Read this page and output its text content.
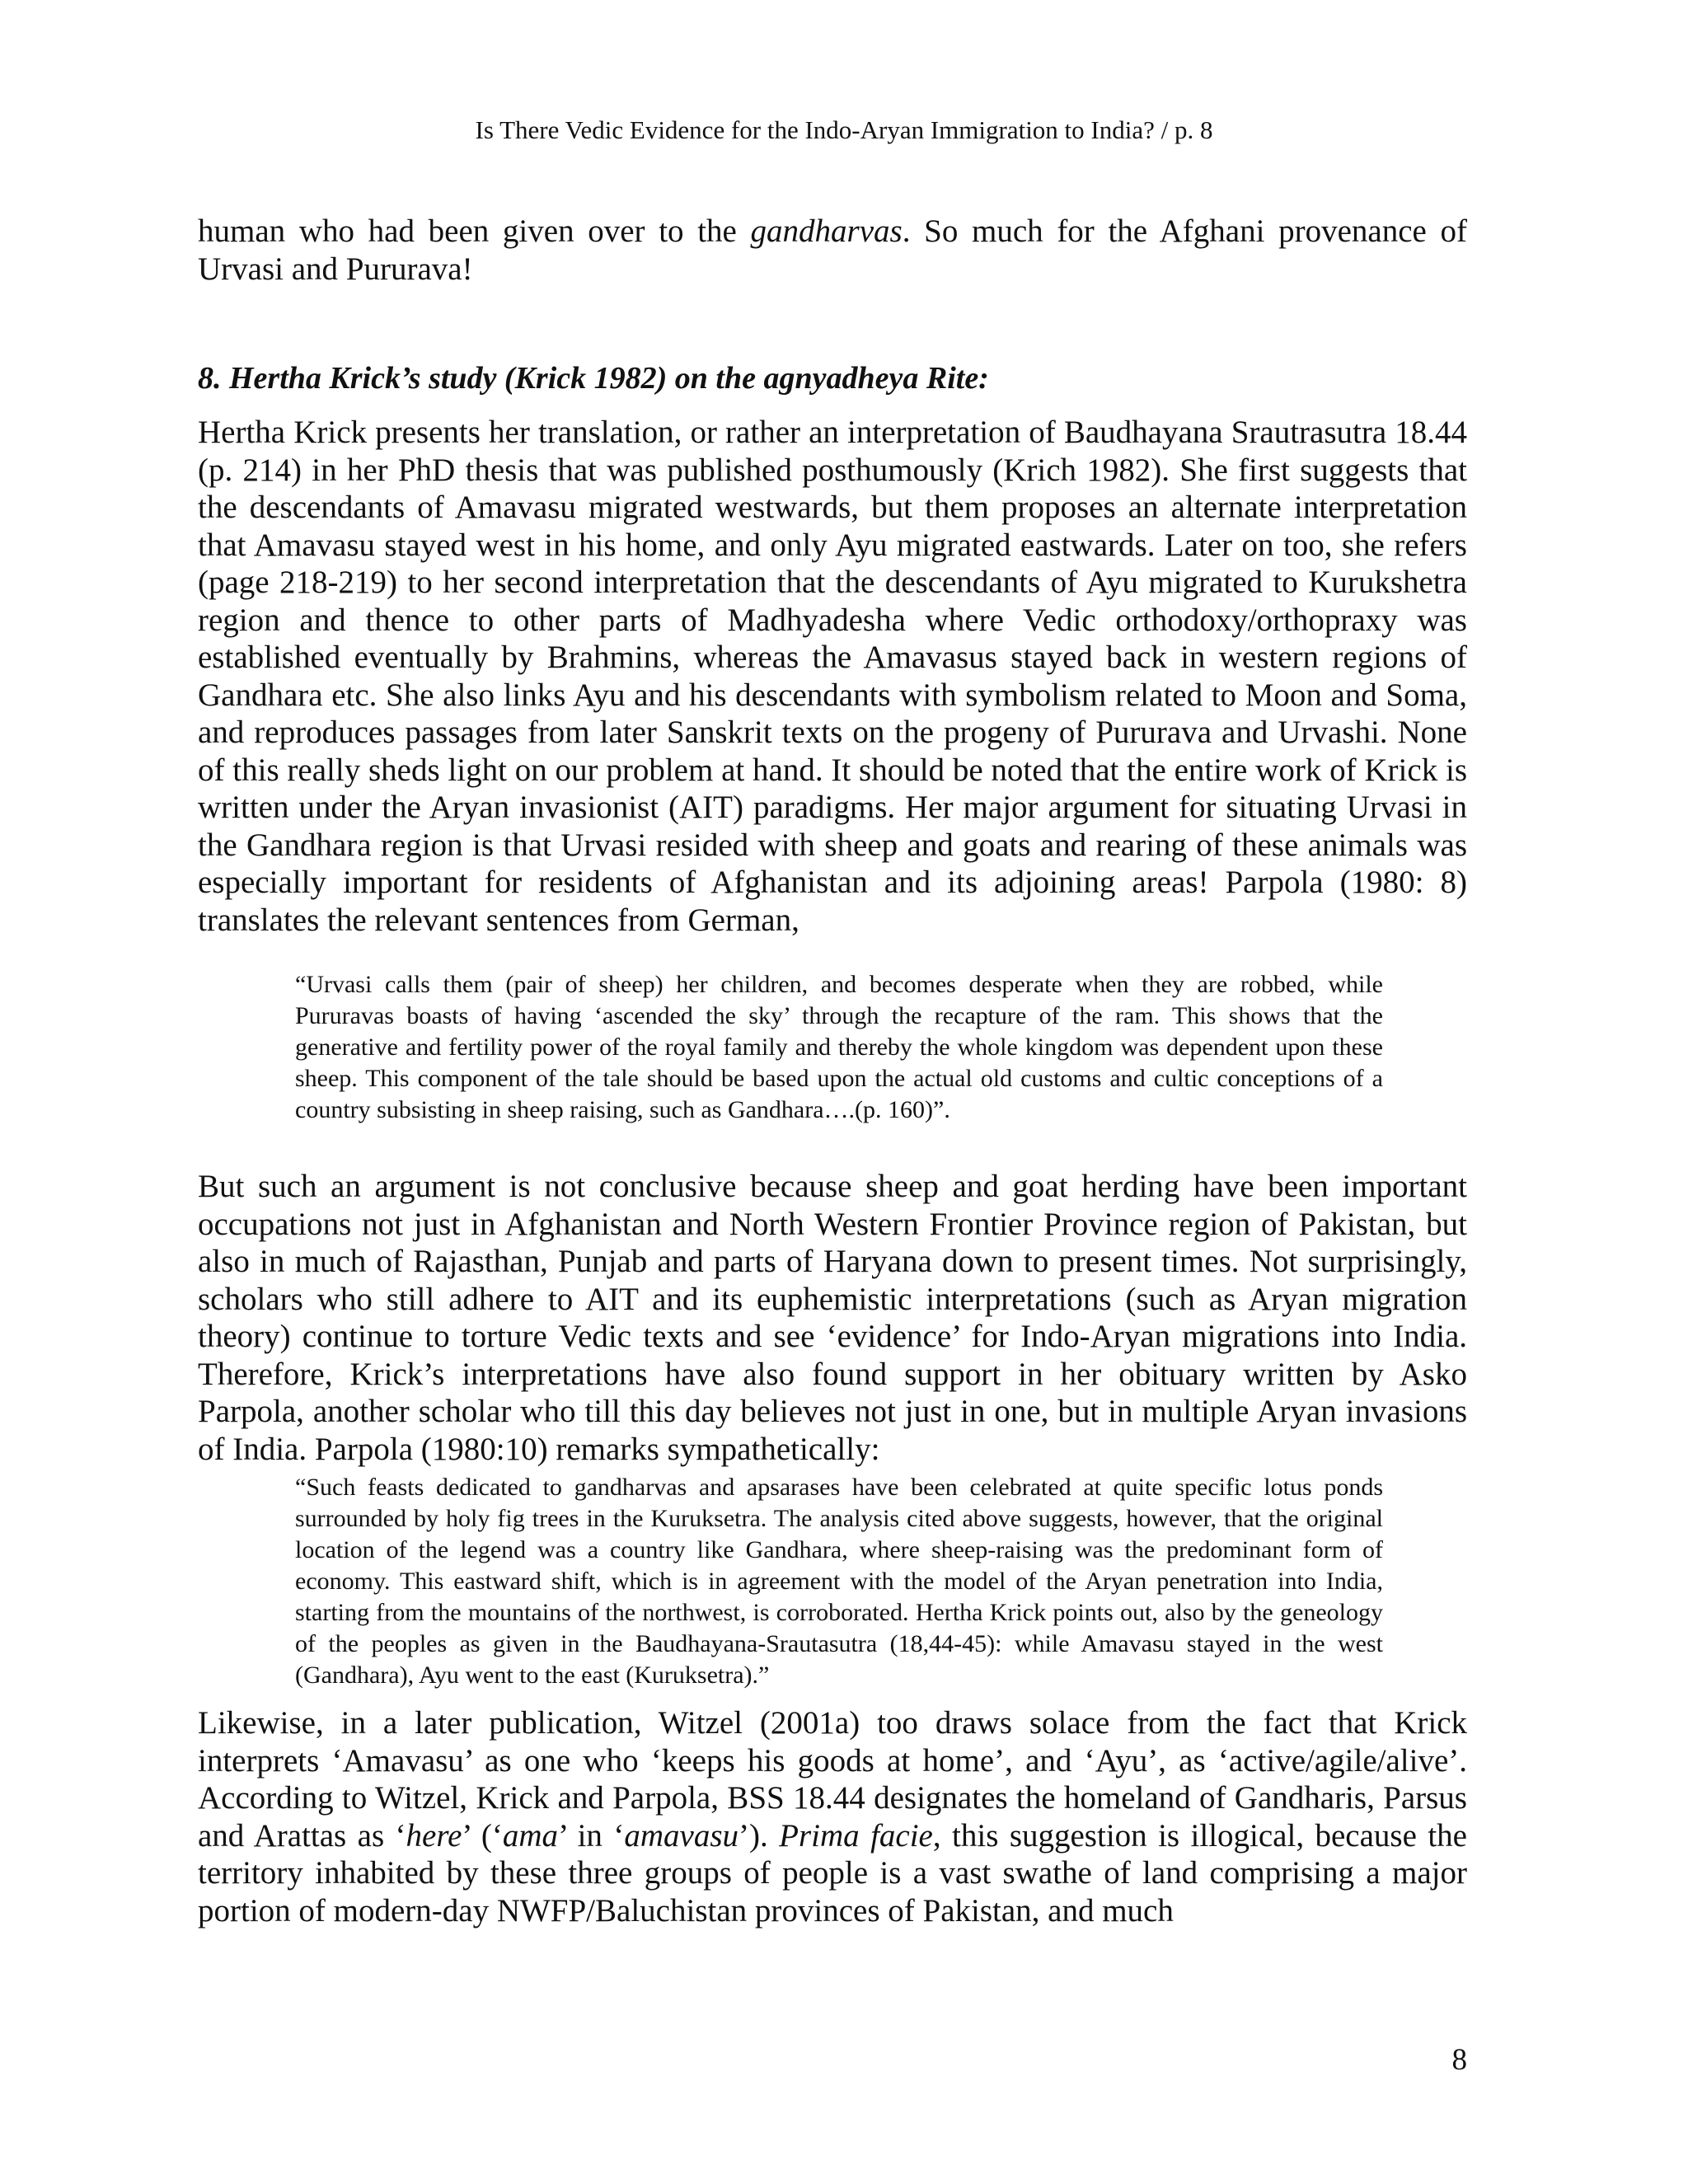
Is There Vedic Evidence for the Indo-Aryan Immigration to India? / p. 8

human who had been given over to the gandharvas. So much for the Afghani provenance of Urvasi and Pururava!

8. Hertha Krick’s study (Krick 1982) on the agnyadheya Rite:

Hertha Krick presents her translation, or rather an interpretation of Baudhayana Srautrasutra 18.44 (p. 214) in her PhD thesis that was published posthumously (Krich 1982). She first suggests that the descendants of Amavasu migrated westwards, but them proposes an alternate interpretation that Amavasu stayed west in his home, and only Ayu migrated eastwards. Later on too, she refers (page 218-219) to her second interpretation that the descendants of Ayu migrated to Kurukshetra region and thence to other parts of Madhyadesha where Vedic orthodoxy/orthopraxy was established eventually by Brahmins, whereas the Amavasus stayed back in western regions of Gandhara etc. She also links Ayu and his descendants with symbolism related to Moon and Soma, and reproduces passages from later Sanskrit texts on the progeny of Pururava and Urvashi. None of this really sheds light on our problem at hand. It should be noted that the entire work of Krick is written under the Aryan invasionist (AIT) paradigms. Her major argument for situating Urvasi in the Gandhara region is that Urvasi resided with sheep and goats and rearing of these animals was especially important for residents of Afghanistan and its adjoining areas! Parpola (1980: 8) translates the relevant sentences from German,

“Urvasi calls them (pair of sheep) her children, and becomes desperate when they are robbed, while Pururavas boasts of having ‘ascended the sky’ through the recapture of the ram. This shows that the generative and fertility power of the royal family and thereby the whole kingdom was dependent upon these sheep. This component of the tale should be based upon the actual old customs and cultic conceptions of a country subsisting in sheep raising, such as Gandhara….(p. 160)”.

But such an argument is not conclusive because sheep and goat herding have been important occupations not just in Afghanistan and North Western Frontier Province region of Pakistan, but also in much of Rajasthan, Punjab and parts of Haryana down to present times. Not surprisingly, scholars who still adhere to AIT and its euphemistic interpretations (such as Aryan migration theory) continue to torture Vedic texts and see ‘evidence’ for Indo-Aryan migrations into India. Therefore, Krick’s interpretations have also found support in her obituary written by Asko Parpola, another scholar who till this day believes not just in one, but in multiple Aryan invasions of India. Parpola (1980:10) remarks sympathetically:

“Such feasts dedicated to gandharvas and apsarases have been celebrated at quite specific lotus ponds surrounded by holy fig trees in the Kuruksetra. The analysis cited above suggests, however, that the original location of the legend was a country like Gandhara, where sheep-raising was the predominant form of economy. This eastward shift, which is in agreement with the model of the Aryan penetration into India, starting from the mountains of the northwest, is corroborated. Hertha Krick points out, also by the geneology of the peoples as given in the Baudhayana-Srautasutra (18,44-45): while Amavasu stayed in the west (Gandhara), Ayu went to the east (Kuruksetra).”

Likewise, in a later publication, Witzel (2001a) too draws solace from the fact that Krick interprets ‘Amavasu’ as one who ‘keeps his goods at home’, and ‘Ayu’, as ‘active/agile/alive’. According to Witzel, Krick and Parpola, BSS 18.44 designates the homeland of Gandharis, Parsus and Arattas as ‘here’ (‘ama’ in ‘amavasu’). Prima facie, this suggestion is illogical, because the territory inhabited by these three groups of people is a vast swathe of land comprising a major portion of modern-day NWFP/Baluchistan provinces of Pakistan, and much

8
